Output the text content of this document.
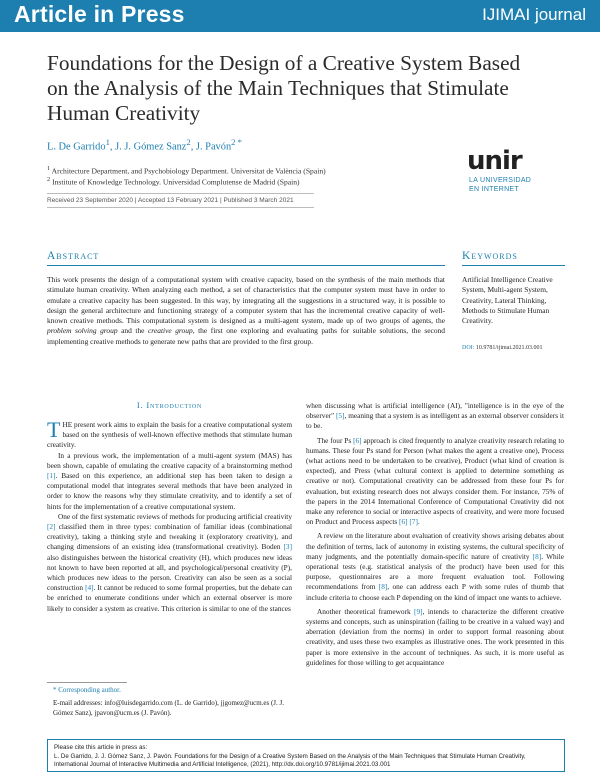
Article in Press	IJIMAI journal
Foundations for the Design of a Creative System Based on the Analysis of the Main Techniques that Stimulate Human Creativity
L. De Garrido$^1$, J. J. Gómez Sanz$^2$, J. Pavón$^{2 *}$
$^1$ Architecture Department, and Psychobiology Department. Universitat de València (Spain)
$^2$ Institute of Knowledge Technology. Universidad Complutense de Madrid (Spain)
unir
LA UNIVERSIDAD
EN INTERNET
Received 23 September 2020 | Accepted 13 February 2021 | Published 3 March 2021
Abstract
This work presents the design of a computational system with creative capacity, based on the synthesis of the main methods that stimulate human creativity. When analyzing each method, a set of characteristics that the computer system must have in order to emulate a creative capacity has been suggested. In this way, by integrating all the suggestions in a structured way, it is possible to design the general architecture and functioning strategy of a computer system that has the incremental creative capacity of well-known creative methods. This computational system is designed as a multi-agent system, made up of two groups of agents, the problem solving group and the creative group, the first one exploring and evaluating paths for suitable solutions, the second implementing creative methods to generate new paths that are provided to the first group.
Keywords
Artificial Intelligence Creative System, Multi-agent System, Creativity, Lateral Thinking, Methods to Stimulate Human Creativity.
DOI: 10.9781/ijimai.2021.03.001
I. Introduction

THE present work aims to explain the basis for a creative computational system based on the synthesis of well-known effective methods that stimulate human creativity.

In a previous work, the implementation of a multi-agent system (MAS) has been shown, capable of emulating the creative capacity of a brainstorming method [1]. Based on this experience, an additional step has been taken to design a computational model that integrates several methods that have been analyzed in order to know the reasons why they stimulate creativity, and to identify a set of hints for the implementation of a creative computational system.

One of the first systematic reviews of methods for producing artificial creativity [2] classified them in three types: combination of familiar ideas (combinational creativity), taking a thinking style and tweaking it (exploratory creativity), and changing dimensions of an existing idea (transformational creativity). Boden [3] also distinguishes between the historical creativity (H), which produces new ideas not known to have been reported at all, and psychological/personal creativity (P), which produces new ideas to the person. Creativity can also be seen as a social construction [4]. It cannot be reduced to some formal properties, but the debate can be enriched to enumerate conditions under which an external observer is more likely to consider a system as creative. This criterion is similar to one of the stances

* Corresponding author.
E-mail addresses: info@luisdegarrido.com (L. de Garrido), jjgomez@ucm.es (J. J. Gómez Sanz), jpavon@ucm.es (J. Pavón).

when discussing what is artificial intelligence (AI), "intelligence is in the eye of the observer" [5], meaning that a system is as intelligent as an external observer considers it to be.

The four Ps [6] approach is cited frequently to analyze creativity research relating to humans. These four Ps stand for Person (what makes the agent a creative one), Process (what actions need to be undertaken to be creative), Product (what kind of creation is expected), and Press (what cultural context is applied to determine something as creative or not). Computational creativity can be addressed from these four Ps for evaluation, but existing research does not always consider them. For instance, 75% of the papers in the 2014 International Conference of Computational Creativity did not make any reference to social or interactive aspects of creativity, and were more focused on Product and Process aspects [6] [7].

A review on the literature about evaluation of creativity shows arising debates about the definition of terms, lack of autonomy in existing systems, the cultural specificity of many judgments, and the potentially domain-specific nature of creativity [8]. While operational tests (e.g. statistical analysis of the product) have been used for this purpose, questionnaires are a more frequent evaluation tool. Following recommendations from [8], one can address each P with some rules of thumb that include criteria to choose each P depending on the kind of impact one wants to achieve.

Another theoretical framework [9], intends to characterize the different creative systems and concepts, such as uninspiration (failing to be creative in a valued way) and aberration (deviation from the norms) in order to support formal reasoning about creativity, and uses these two examples as illustrative ones. The work presented in this paper is more extensive in the account of techniques. As such, it is more useful as guidelines for those willing to get acquaintance

Please cite this article in press as:
L. De Garrido, J. J. Gómez Sanz, J. Pavón. Foundations for the Design of a Creative System Based on the Analysis of the Main Techniques that Stimulate Human Creativity, International Journal of Interactive Multimedia and Artificial Intelligence, (2021), http://dx.doi.org/10.9781/ijimai.2021.03.001
